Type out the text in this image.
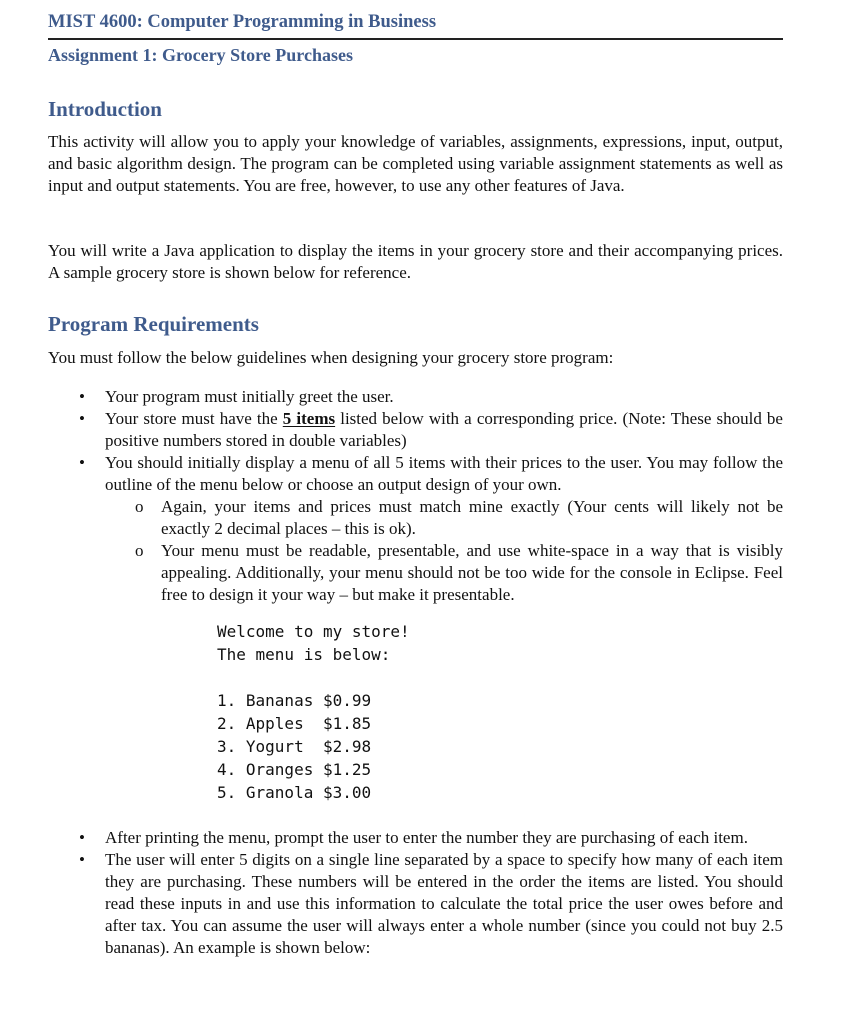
MIST 4600: Computer Programming in Business
Assignment 1: Grocery Store Purchases
Introduction
This activity will allow you to apply your knowledge of variables, assignments, expressions, input, output, and basic algorithm design. The program can be completed using variable assignment statements as well as input and output statements. You are free, however, to use any other features of Java.
You will write a Java application to display the items in your grocery store and their accompanying prices. A sample grocery store is shown below for reference.
Program Requirements
You must follow the below guidelines when designing your grocery store program:
• Your program must initially greet the user.
• Your store must have the 5 items listed below with a corresponding price. (Note: These should be positive numbers stored in double variables)
• You should initially display a menu of all 5 items with their prices to the user. You may follow the outline of the menu below or choose an output design of your own.
o Again, your items and prices must match mine exactly (Your cents will likely not be exactly 2 decimal places – this is ok).
o Your menu must be readable, presentable, and use white-space in a way that is visibly appealing. Additionally, your menu should not be too wide for the console in Eclipse. Feel free to design it your way – but make it presentable.
Welcome to my store!
The menu is below:

1. Bananas $0.99
2. Apples  $1.85
3. Yogurt  $2.98
4. Oranges $1.25
5. Granola $3.00
• After printing the menu, prompt the user to enter the number they are purchasing of each item.
• The user will enter 5 digits on a single line separated by a space to specify how many of each item they are purchasing. These numbers will be entered in the order the items are listed. You should read these inputs in and use this information to calculate the total price the user owes before and after tax. You can assume the user will always enter a whole number (since you could not buy 2.5 bananas). An example is shown below:
